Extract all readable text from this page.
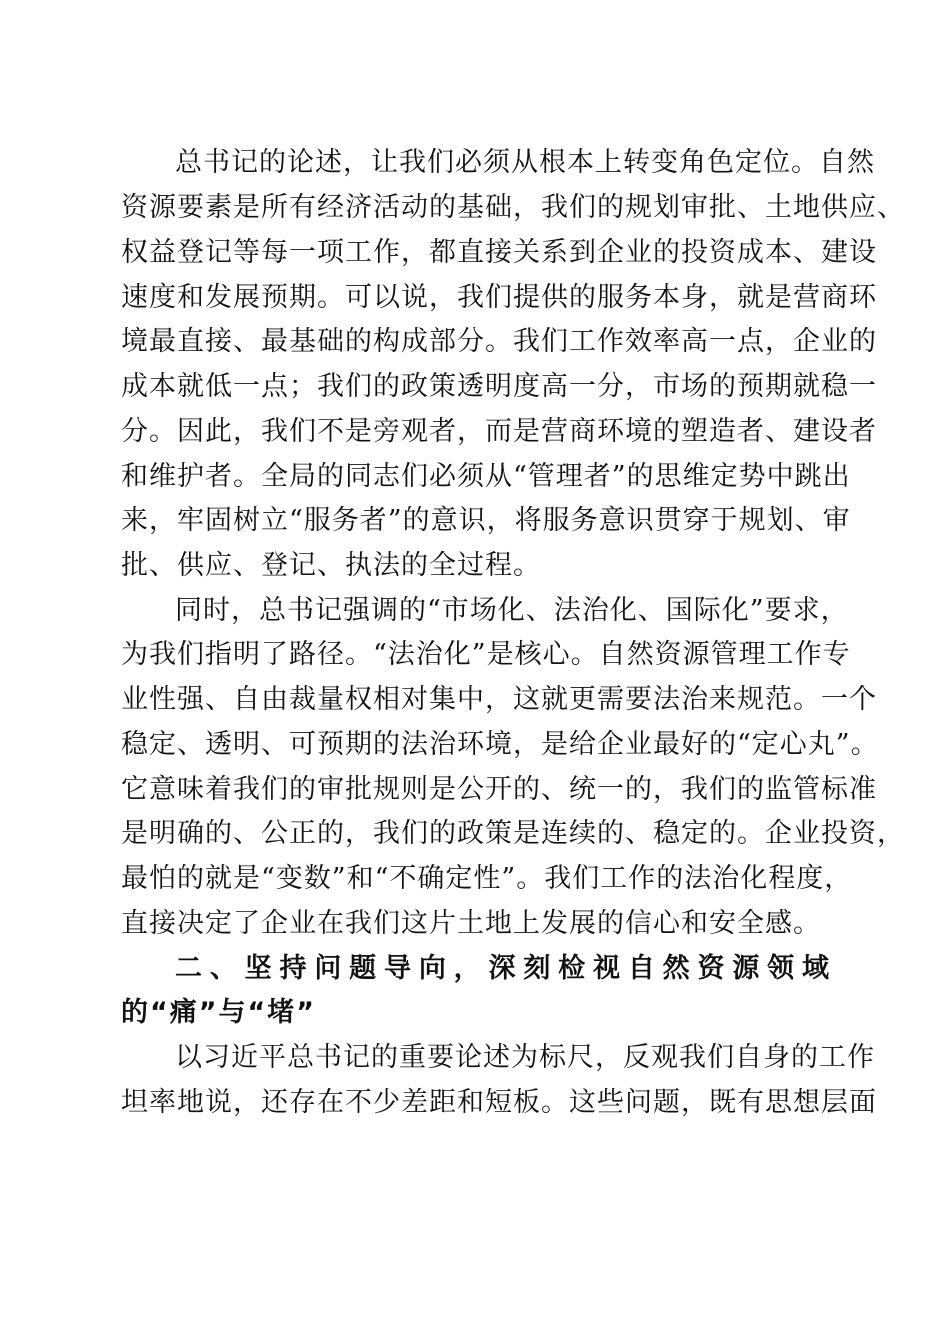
总书记的论述，让我们必须从根本上转变角色定位。自然
资源要素是所有经济活动的基础，我们的规划审批、土地供应、
权益登记等每一项工作，都直接关系到企业的投资成本、建设
速度和发展预期。可以说，我们提供的服务本身，就是营商环
境最直接、最基础的构成部分。我们工作效率高一点，企业的
成本就低一点；我们的政策透明度高一分，市场的预期就稳一
分。因此，我们不是旁观者，而是营商环境的塑造者、建设者
和维护者。全局的同志们必须从“管理者”的思维定势中跳出
来，牢固树立“服务者”的意识，将服务意识贯穿于规划、审
批、供应、登记、执法的全过程。
同时，总书记强调的“市场化、法治化、国际化”要求，
为我们指明了路径。“法治化”是核心。自然资源管理工作专
业性强、自由裁量权相对集中，这就更需要法治来规范。一个
稳定、透明、可预期的法治环境，是给企业最好的“定心丸”。
它意味着我们的审批规则是公开的、统一的，我们的监管标准
是明确的、公正的，我们的政策是连续的、稳定的。企业投资，
最怕的就是“变数”和“不确定性”。我们工作的法治化程度，
直接决定了企业在我们这片土地上发展的信心和安全感。
二、坚持问题导向，深刻检视自然资源领域
的“痛”与“堵”
以习近平总书记的重要论述为标尺，反观我们自身的工作
坦率地说，还存在不少差距和短板。这些问题，既有思想层面
